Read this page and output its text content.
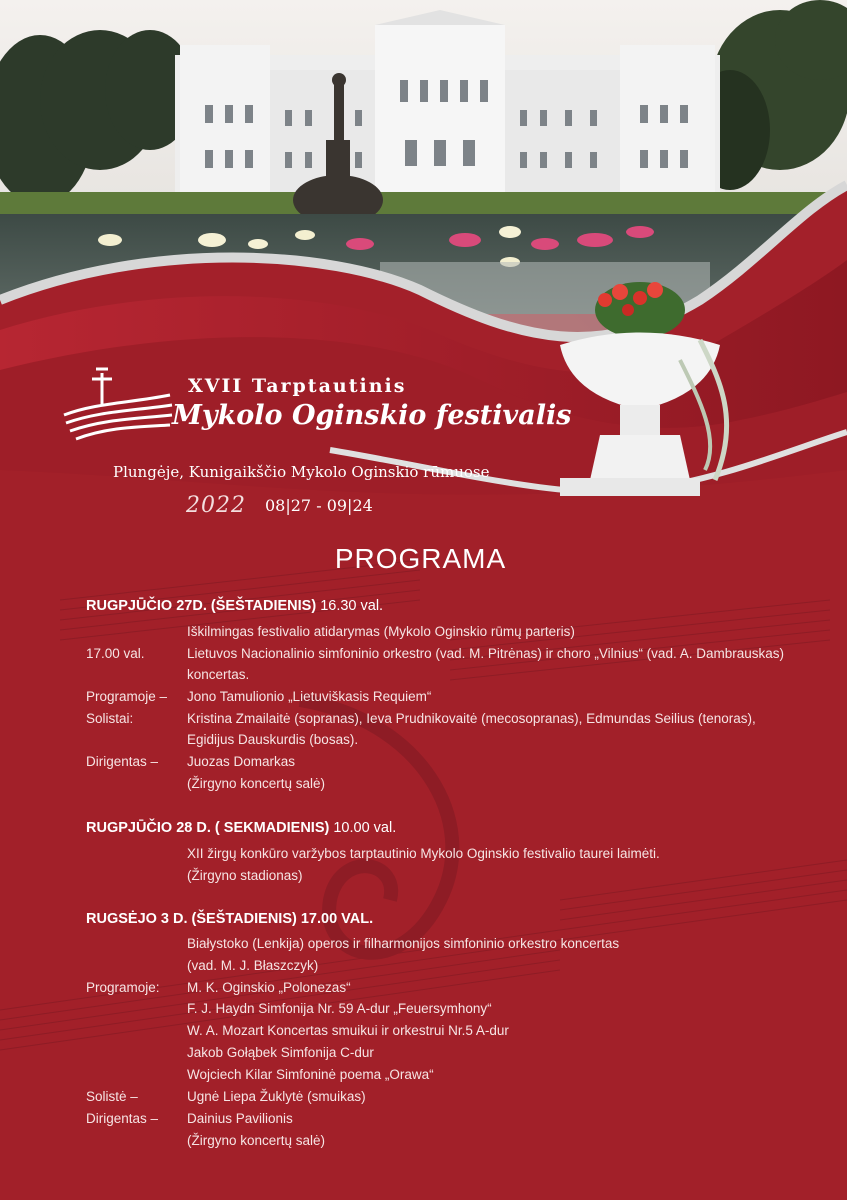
XVII Tarptautinis
Mykolo Oginskio festivalis
Plungėje, Kunigaikščio Mykolo Oginskio rūmuose
2022 08|27 - 09|24
PROGRAMA
RUGPJŪČIO 27D. (ŠEŠTADIENIS) 16.30 val.
Iškilmingas festivalio atidarymas (Mykolo Oginskio rūmų parteris)
17.00 val.	Lietuvos Nacionalinio simfoninio orkestro (vad. M. Pitrėnas) ir choro „Vilnius“ (vad. A. Dambrauskas) koncertas.
Programoje – Jono Tamulionio „Lietuviškasis Requiem“
Solistai:	Kristina Zmailaitė (sopranas), Ieva Prudnikovaitė (mecosopranas), Edmundas Seilius (tenoras), Egidijus Dauskurdis (bosas).
Dirigentas – Juozas Domarkas
(Žirgyno koncertų salė)
RUGPJŪČIO 28 D. ( SEKMADIENIS) 10.00 val.
XII žirgų konkūro varžybos tarptautinio Mykolo Oginskio festivalio taurei laimėti.
(Žirgyno stadionas)
RUGSĖJO 3 D. (ŠEŠTADIENIS) 17.00 VAL.
Białystoko (Lenkija) operos ir filharmonijos simfoninio orkestro koncertas
(vad. M. J. Błaszczyk)
Programoje: M. K. Oginskio „Polonezas“
F. J. Haydn Simfonija Nr. 59 A-dur „Feuersymhony“
W. A. Mozart Koncertas smuikui ir orkestrui Nr.5 A-dur
Jakob Gołąbek Simfonija C-dur
Wojciech Kilar Simfoninė poema „Orawa“
Solistė –	Ugnė Liepa Žuklytė (smuikas)
Dirigentas – Dainius Pavilionis
(Žirgyno koncertų salė)
